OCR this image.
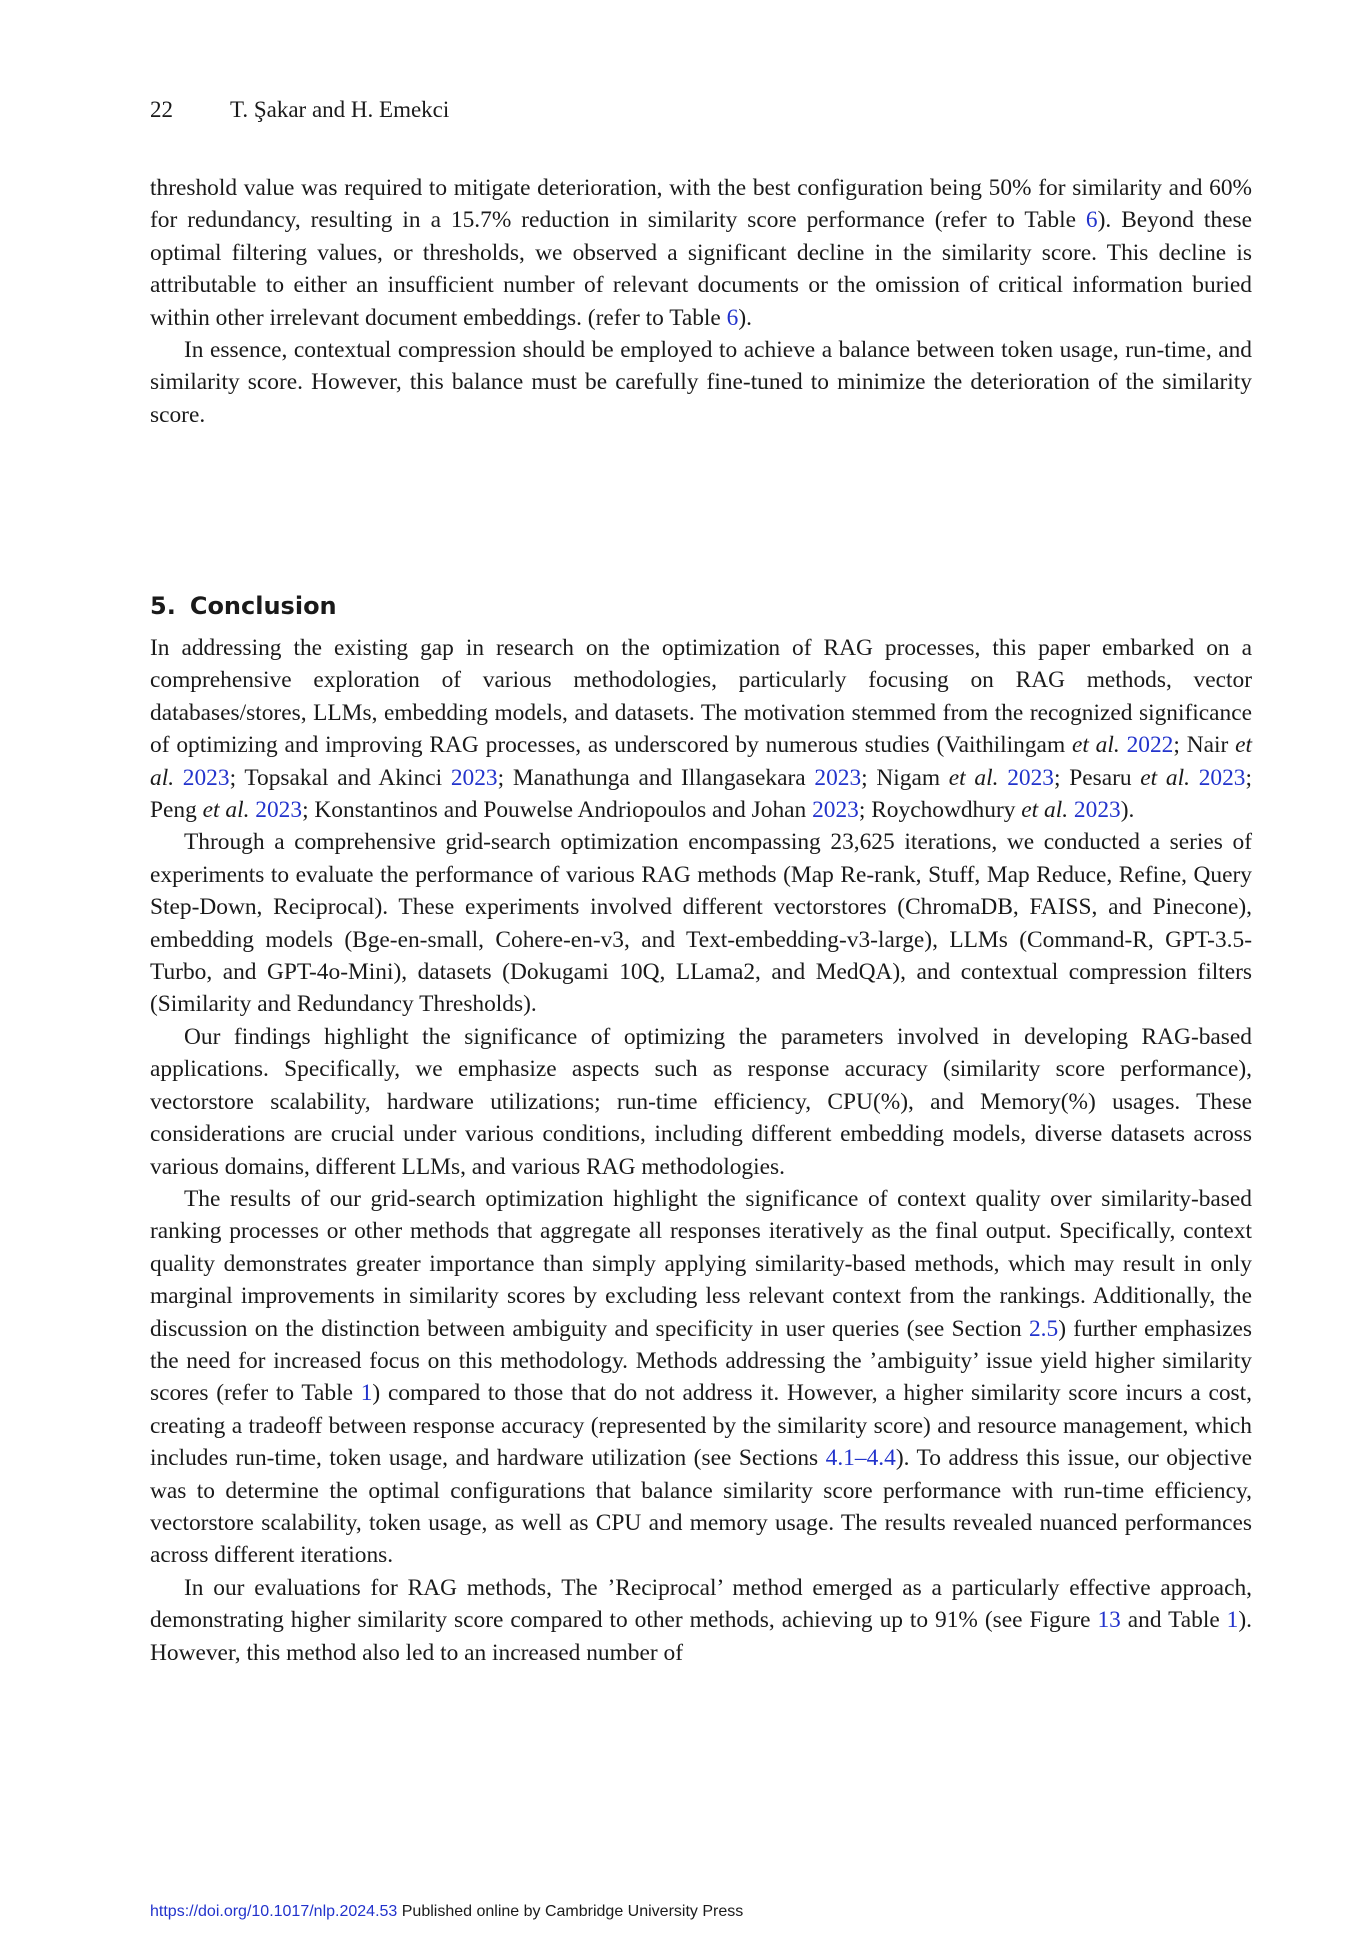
22 T. Şakar and H. Emekci

threshold value was required to mitigate deterioration, with the best configuration being 50% for similarity and 60% for redundancy, resulting in a 15.7% reduction in similarity score performance (refer to Table 6). Beyond these optimal filtering values, or thresholds, we observed a significant decline in the similarity score. This decline is attributable to either an insufficient number of relevant documents or the omission of critical information buried within other irrelevant document embeddings. (refer to Table 6).

In essence, contextual compression should be employed to achieve a balance between token usage, run-time, and similarity score. However, this balance must be carefully fine-tuned to minimize the deterioration of the similarity score.

5. Conclusion

In addressing the existing gap in research on the optimization of RAG processes, this paper embarked on a comprehensive exploration of various methodologies, particularly focusing on RAG methods, vector databases/stores, LLMs, embedding models, and datasets. The motivation stemmed from the recognized significance of optimizing and improving RAG processes, as underscored by numerous studies (Vaithilingam et al. 2022; Nair et al. 2023; Topsakal and Akinci 2023; Manathunga and Illangasekara 2023; Nigam et al. 2023; Pesaru et al. 2023; Peng et al. 2023; Konstantinos and Pouwelse Andriopoulos and Johan 2023; Roychowdhury et al. 2023).

Through a comprehensive grid-search optimization encompassing 23,625 iterations, we conducted a series of experiments to evaluate the performance of various RAG methods (Map Re-rank, Stuff, Map Reduce, Refine, Query Step-Down, Reciprocal). These experiments involved different vectorstores (ChromaDB, FAISS, and Pinecone), embedding models (Bge-en-small, Cohere-en-v3, and Text-embedding-v3-large), LLMs (Command-R, GPT-3.5-Turbo, and GPT-4o-Mini), datasets (Dokugami 10Q, LLama2, and MedQA), and contextual compression filters (Similarity and Redundancy Thresholds).

Our findings highlight the significance of optimizing the parameters involved in developing RAG-based applications. Specifically, we emphasize aspects such as response accuracy (similarity score performance), vectorstore scalability, hardware utilizations; run-time efficiency, CPU(%), and Memory(%) usages. These considerations are crucial under various conditions, including different embedding models, diverse datasets across various domains, different LLMs, and various RAG methodologies.

The results of our grid-search optimization highlight the significance of context quality over similarity-based ranking processes or other methods that aggregate all responses iteratively as the final output. Specifically, context quality demonstrates greater importance than simply applying similarity-based methods, which may result in only marginal improvements in similarity scores by excluding less relevant context from the rankings. Additionally, the discussion on the distinction between ambiguity and specificity in user queries (see Section 2.5) further emphasizes the need for increased focus on this methodology. Methods addressing the ’ambiguity’ issue yield higher similarity scores (refer to Table 1) compared to those that do not address it. However, a higher similarity score incurs a cost, creating a tradeoff between response accuracy (represented by the similarity score) and resource management, which includes run-time, token usage, and hardware utilization (see Sections 4.1–4.4). To address this issue, our objective was to determine the optimal configurations that balance similarity score performance with run-time efficiency, vectorstore scalability, token usage, as well as CPU and memory usage. The results revealed nuanced performances across different iterations.

In our evaluations for RAG methods, The ’Reciprocal’ method emerged as a particularly effective approach, demonstrating higher similarity score compared to other methods, achieving up to 91% (see Figure 13 and Table 1). However, this method also led to an increased number of

https://doi.org/10.1017/nlp.2024.53 Published online by Cambridge University Press
